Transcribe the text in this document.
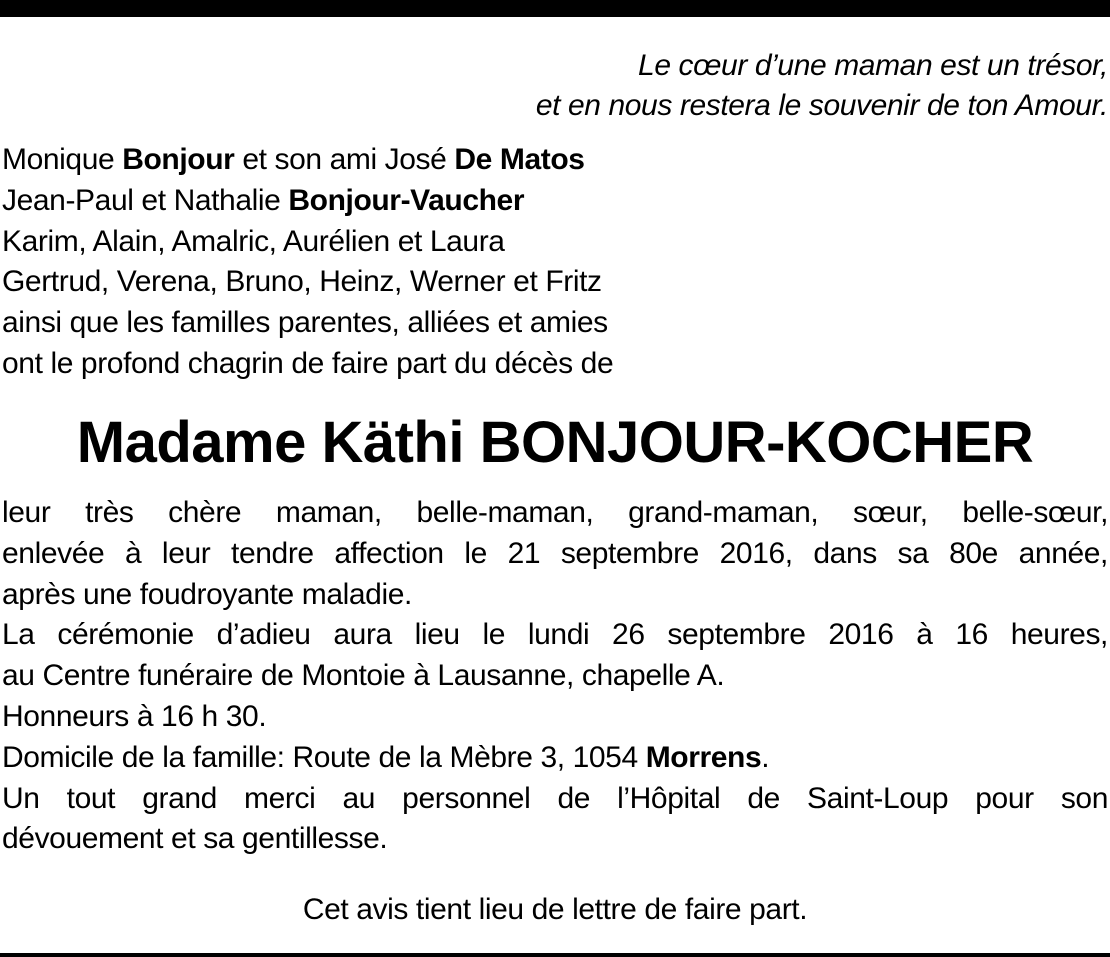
Le cœur d’une maman est un trésor,
et en nous restera le souvenir de ton Amour.
Monique Bonjour et son ami José De Matos
Jean-Paul et Nathalie Bonjour-Vaucher
Karim, Alain, Amalric, Aurélien et Laura
Gertrud, Verena, Bruno, Heinz, Werner et Fritz
ainsi que les familles parentes, alliées et amies
ont le profond chagrin de faire part du décès de
Madame Käthi BONJOUR-KOCHER
leur très chère maman, belle-maman, grand-maman, sœur, belle-sœur,
enlevée à leur tendre affection le 21 septembre 2016, dans sa 80e année,
après une foudroyante maladie.
La cérémonie d’adieu aura lieu le lundi 26 septembre 2016 à 16 heures,
au Centre funéraire de Montoie à Lausanne, chapelle A.
Honneurs à 16 h 30.
Domicile de la famille: Route de la Mèbre 3, 1054 Morrens.
Un tout grand merci au personnel de l’Hôpital de Saint-Loup pour son
dévouement et sa gentillesse.
Cet avis tient lieu de lettre de faire part.
